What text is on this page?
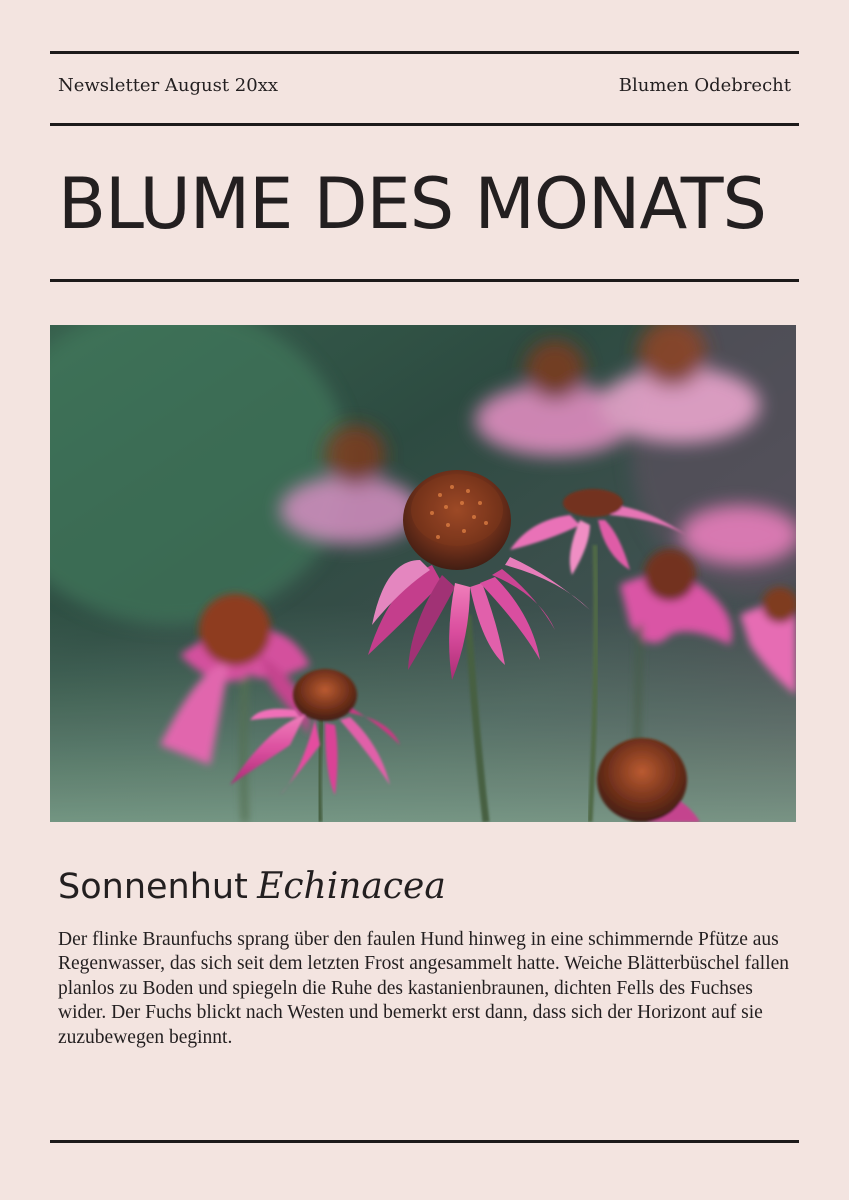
Newsletter August 20xx	Blumen Odebrecht
BLUME DES MONATS
Sonnenhut Echinacea

Der flinke Braunfuchs sprang über den faulen Hund hinweg in eine schimmernde Pfütze aus Regenwasser, das sich seit dem letzten Frost angesammelt hatte. Weiche Blätterbüschel fallen planlos zu Boden und spiegeln die Ruhe des kastanienbraunen, dichten Fells des Fuchses wider. Der Fuchs blickt nach Westen und bemerkt erst dann, dass sich der Horizont auf sie zuzubewegen beginnt.
